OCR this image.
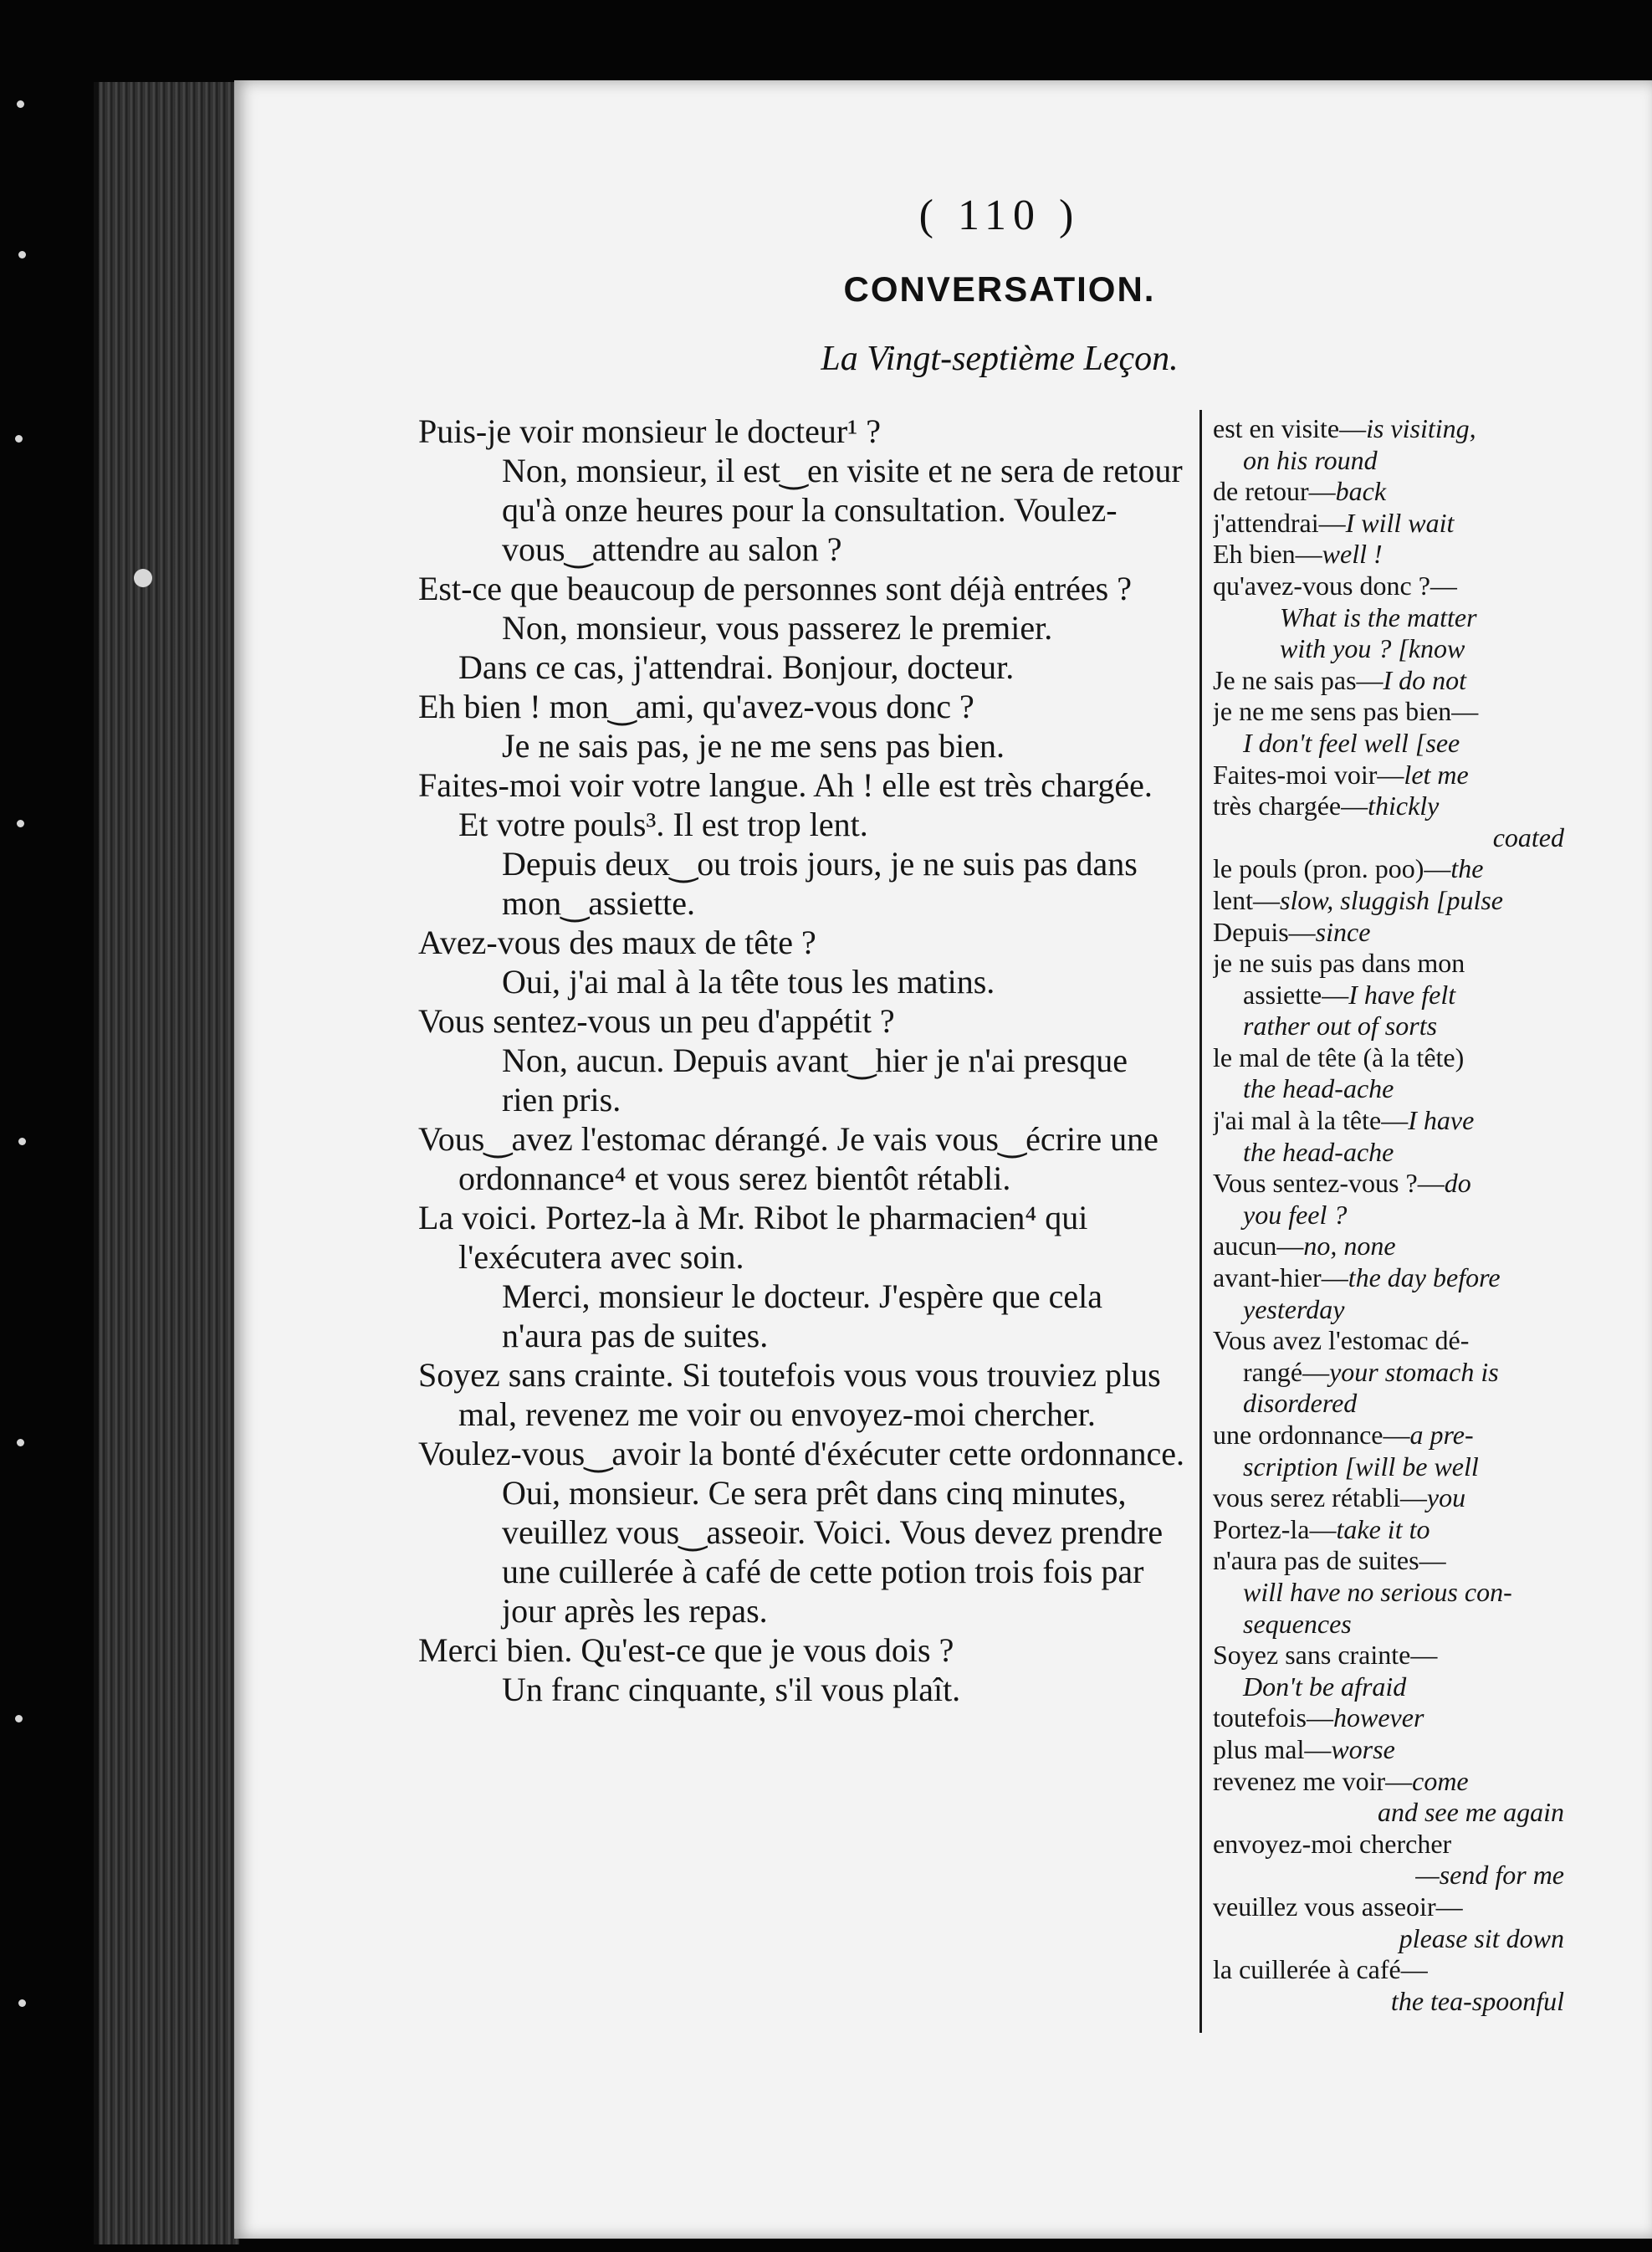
( 110 )
CONVERSATION.
La Vingt-septième Leçon.

Puis-je voir monsieur le docteur¹ ?

Non, monsieur, il est‿en visite et ne sera de retour qu'à onze heures pour la consultation. Voulez-vous‿attendre au salon ?

Est-ce que beaucoup de personnes sont déjà entrées ?

Non, monsieur, vous passerez le premier.

Dans ce cas, j'attendrai. Bonjour, docteur.

Eh bien ! mon‿ami, qu'avez-vous donc ?

Je ne sais pas, je ne me sens pas bien.

Faites-moi voir votre langue. Ah ! elle est très chargée. Et votre pouls³. Il est trop lent.

Depuis deux‿ou trois jours, je ne suis pas dans mon‿assiette.

Avez-vous des maux de tête ?

Oui, j'ai mal à la tête tous les matins.

Vous sentez-vous un peu d'appétit ?

Non, aucun. Depuis avant‿hier je n'ai presque rien pris.

Vous‿avez l'estomac dérangé. Je vais vous‿écrire une ordonnance⁴ et vous serez bientôt rétabli.

La voici. Portez-la à Mr. Ribot le pharmacien⁴ qui l'exécutera avec soin.

Merci, monsieur le docteur. J'espère que cela n'aura pas de suites.

Soyez sans crainte. Si toutefois vous vous trouviez plus mal, revenez me voir ou envoyez-moi chercher.

Voulez-vous‿avoir la bonté d'éxécuter cette ordonnance.

Oui, monsieur. Ce sera prêt dans cinq minutes, veuillez vous‿asseoir. Voici. Vous devez prendre une cuillerée à café de cette potion trois fois par jour après les repas.

Merci bien. Qu'est-ce que je vous dois ?

Un franc cinquante, s'il vous plaît.

est en visite—is visiting,
on his round
de retour—back
j'attendrai—I will wait
Eh bien—well !
qu'avez-vous donc ?—
What is the matter
with you ? [know
Je ne sais pas—I do not
je ne me sens pas bien—
I don't feel well [see
Faites-moi voir—let me
très chargée—thickly
coated
le pouls (pron. poo)—the
lent—slow, sluggish [pulse
Depuis—since
je ne suis pas dans mon
assiette—I have felt
rather out of sorts
le mal de tête (à la tête)
the head-ache
j'ai mal à la tête—I have
the head-ache
Vous sentez-vous ?—do
you feel ?
aucun—no, none
avant-hier—the day before
yesterday
Vous avez l'estomac dé-
rangé—your stomach is
disordered
une ordonnance—a pre-
scription [will be well
vous serez rétabli—you
Portez-la—take it to
n'aura pas de suites—
will have no serious con-
sequences
Soyez sans crainte—
Don't be afraid
toutefois—however
plus mal—worse
revenez me voir—come
and see me again
envoyez-moi chercher
—send for me
veuillez vous asseoir—
please sit down
la cuillerée à café—
the tea-spoonful
